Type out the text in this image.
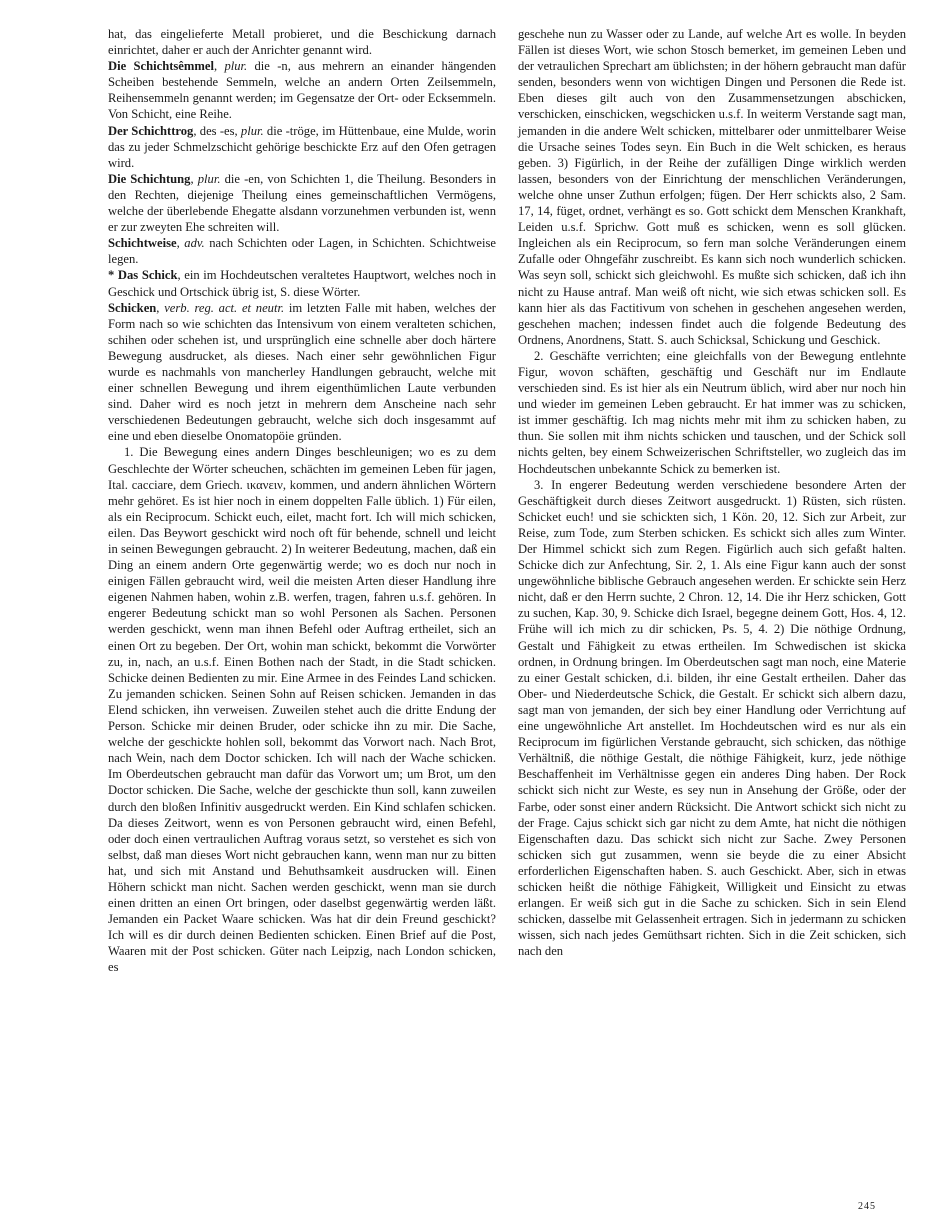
hat, das eingelieferte Metall probieret, und die Beschickung darnach einrichtet, daher er auch der Anrichter genannt wird.

Die Schichtsêmmel, plur. die -n, aus mehrern an einander hängenden Scheiben bestehende Semmeln, welche an andern Orten Zeilsemmeln, Reihensemmeln genannt werden; im Gegensatze der Ort- oder Ecksemmeln. Von Schicht, eine Reihe.

Der Schichttrog, des -es, plur. die -tröge, im Hüttenbaue, eine Mulde, worin das zu jeder Schmelzschicht gehörige beschickte Erz auf den Ofen getragen wird.

Die Schichtung, plur. die -en, von Schichten 1, die Theilung. Besonders in den Rechten, diejenige Theilung eines gemeinschaftlichen Vermögens, welche der überlebende Ehegatte alsdann vorzunehmen verbunden ist, wenn er zur zweyten Ehe schreiten will.

Schichtweise, adv. nach Schichten oder Lagen, in Schichten. Schichtweise legen.

* Das Schick, ein im Hochdeutschen veraltetes Hauptwort, welches noch in Geschick und Ortschick übrig ist, S. diese Wörter.

Schicken, verb. reg. act. et neutr. im letzten Falle mit haben, welches der Form nach so wie schichten das Intensivum von einem veralteten schichen, schihen oder schehen ist, und ursprünglich eine schnelle aber doch härtere Bewegung ausdrucket, als dieses. Nach einer sehr gewöhnlichen Figur wurde es nachmahls von mancherley Handlungen gebraucht, welche mit einer schnellen Bewegung und ihrem eigenthümlichen Laute verbunden sind. Daher wird es noch jetzt in mehrern dem Anscheine nach sehr verschiedenen Bedeutungen gebraucht, welche sich doch insgesammt auf eine und eben dieselbe Onomatopöie gründen.

1. Die Bewegung eines andern Dinges beschleunigen; wo es zu dem Geschlechte der Wörter scheuchen, schächten im gemeinen Leben für jagen, Ital. cacciare, dem Griech. ικανειν, kommen, und andern ähnlichen Wörtern mehr gehöret. Es ist hier noch in einem doppelten Falle üblich. 1) Für eilen, als ein Reciprocum. Schickt euch, eilet, macht fort. Ich will mich schicken, eilen. Das Beywort geschickt wird noch oft für behende, schnell und leicht in seinen Bewegungen gebraucht. 2) In weiterer Bedeutung, machen, daß ein Ding an einem andern Orte gegenwärtig werde; wo es doch nur noch in einigen Fällen gebraucht wird, weil die meisten Arten dieser Handlung ihre eigenen Nahmen haben, wohin z.B. werfen, tragen, fahren u.s.f. gehören. In engerer Bedeutung schickt man so wohl Personen als Sachen. Personen werden geschickt, wenn man ihnen Befehl oder Auftrag ertheilet, sich an einen Ort zu begeben. Der Ort, wohin man schickt, bekommt die Vorwörter zu, in, nach, an u.s.f. Einen Bothen nach der Stadt, in die Stadt schicken. Schicke deinen Bedienten zu mir. Eine Armee in des Feindes Land schicken. Zu jemanden schicken. Seinen Sohn auf Reisen schicken. Jemanden in das Elend schicken, ihn verweisen. Zuweilen stehet auch die dritte Endung der Person. Schicke mir deinen Bruder, oder schicke ihn zu mir. Die Sache, welche der geschickte hohlen soll, bekommt das Vorwort nach. Nach Brot, nach Wein, nach dem Doctor schicken. Ich will nach der Wache schicken. Im Oberdeutschen gebraucht man dafür das Vorwort um; um Brot, um den Doctor schicken. Die Sache, welche der geschickte thun soll, kann zuweilen durch den bloßen Infinitiv ausgedruckt werden. Ein Kind schlafen schicken. Da dieses Zeitwort, wenn es von Personen gebraucht wird, einen Befehl, oder doch einen vertraulichen Auftrag voraus setzt, so verstehet es sich von selbst, daß man dieses Wort nicht gebrauchen kann, wenn man nur zu bitten hat, und sich mit Anstand und Behuthsamkeit ausdrucken will. Einen Höhern schickt man nicht. Sachen werden geschickt, wenn man sie durch einen dritten an einen Ort bringen, oder daselbst gegenwärtig werden läßt. Jemanden ein Packet Waare schicken. Was hat dir dein Freund geschickt? Ich will es dir durch deinen Bedienten schicken. Einen Brief auf die Post, Waaren mit der Post schicken. Güter nach Leipzig, nach London schicken, es

geschehe nun zu Wasser oder zu Lande, auf welche Art es wolle. In beyden Fällen ist dieses Wort, wie schon Stosch bemerket, im gemeinen Leben und der vetraulichen Sprechart am üblichsten; in der höhern gebraucht man dafür senden, besonders wenn von wichtigen Dingen und Personen die Rede ist. Eben dieses gilt auch von den Zusammensetzungen abschicken, verschicken, einschicken, wegschicken u.s.f. In weiterm Verstande sagt man, jemanden in die andere Welt schicken, mittelbarer oder unmittelbarer Weise die Ursache seines Todes seyn. Ein Buch in die Welt schicken, es heraus geben. 3) Figürlich, in der Reihe der zufälligen Dinge wirklich werden lassen, besonders von der Einrichtung der menschlichen Veränderungen, welche ohne unser Zuthun erfolgen; fügen. Der Herr schickts also, 2 Sam. 17, 14, füget, ordnet, verhängt es so. Gott schickt dem Menschen Krankhaft, Leiden u.s.f. Sprichw. Gott muß es schicken, wenn es soll glücken. Ingleichen als ein Reciprocum, so fern man solche Veränderungen einem Zufalle oder Ohngefähr zuschreibt. Es kann sich noch wunderlich schicken. Was seyn soll, schickt sich gleichwohl. Es mußte sich schicken, daß ich ihn nicht zu Hause antraf. Man weiß oft nicht, wie sich etwas schicken soll. Es kann hier als das Factitivum von schehen in geschehen angesehen werden, geschehen machen; indessen findet auch die folgende Bedeutung des Ordnens, Anordnens, Statt. S. auch Schicksal, Schickung und Geschick.

2. Geschäfte verrichten; eine gleichfalls von der Bewegung entlehnte Figur, wovon schäften, geschäftig und Geschäft nur im Endlaute verschieden sind. Es ist hier als ein Neutrum üblich, wird aber nur noch hin und wieder im gemeinen Leben gebraucht. Er hat immer was zu schicken, ist immer geschäftig. Ich mag nichts mehr mit ihm zu schicken haben, zu thun. Sie sollen mit ihm nichts schicken und tauschen, und der Schick soll nichts gelten, bey einem Schweizerischen Schriftsteller, wo zugleich das im Hochdeutschen unbekannte Schick zu bemerken ist.

3. In engerer Bedeutung werden verschiedene besondere Arten der Geschäftigkeit durch dieses Zeitwort ausgedruckt. 1) Rüsten, sich rüsten. Schicket euch! und sie schickten sich, 1 Kön. 20, 12. Sich zur Arbeit, zur Reise, zum Tode, zum Sterben schicken. Es schickt sich alles zum Winter. Der Himmel schickt sich zum Regen. Figürlich auch sich gefaßt halten. Schicke dich zur Anfechtung, Sir. 2, 1. Als eine Figur kann auch der sonst ungewöhnliche biblische Gebrauch angesehen werden. Er schickte sein Herz nicht, daß er den Herrn suchte, 2 Chron. 12, 14. Die ihr Herz schicken, Gott zu suchen, Kap. 30, 9. Schicke dich Israel, begegne deinem Gott, Hos. 4, 12. Frühe will ich mich zu dir schicken, Ps. 5, 4. 2) Die nöthige Ordnung, Gestalt und Fähigkeit zu etwas ertheilen. Im Schwedischen ist skicka ordnen, in Ordnung bringen. Im Oberdeutschen sagt man noch, eine Materie zu einer Gestalt schicken, d.i. bilden, ihr eine Gestalt ertheilen. Daher das Ober- und Niederdeutsche Schick, die Gestalt. Er schickt sich albern dazu, sagt man von jemanden, der sich bey einer Handlung oder Verrichtung auf eine ungewöhnliche Art anstellet. Im Hochdeutschen wird es nur als ein Reciprocum im figürlichen Verstande gebraucht, sich schicken, das nöthige Verhältniß, die nöthige Gestalt, die nöthige Fähigkeit, kurz, jede nöthige Beschaffenheit im Verhältnisse gegen ein anderes Ding haben. Der Rock schickt sich nicht zur Weste, es sey nun in Ansehung der Größe, oder der Farbe, oder sonst einer andern Rücksicht. Die Antwort schickt sich nicht zu der Frage. Cajus schickt sich gar nicht zu dem Amte, hat nicht die nöthigen Eigenschaften dazu. Das schickt sich nicht zur Sache. Zwey Personen schicken sich gut zusammen, wenn sie beyde die zu einer Absicht erforderlichen Eigenschaften haben. S. auch Geschickt. Aber, sich in etwas schicken heißt die nöthige Fähigkeit, Willigkeit und Einsicht zu etwas erlangen. Er weiß sich gut in die Sache zu schicken. Sich in sein Elend schicken, dasselbe mit Gelassenheit ertragen. Sich in jedermann zu schicken wissen, sich nach jedes Gemüthsart richten. Sich in die Zeit schicken, sich nach den

245
